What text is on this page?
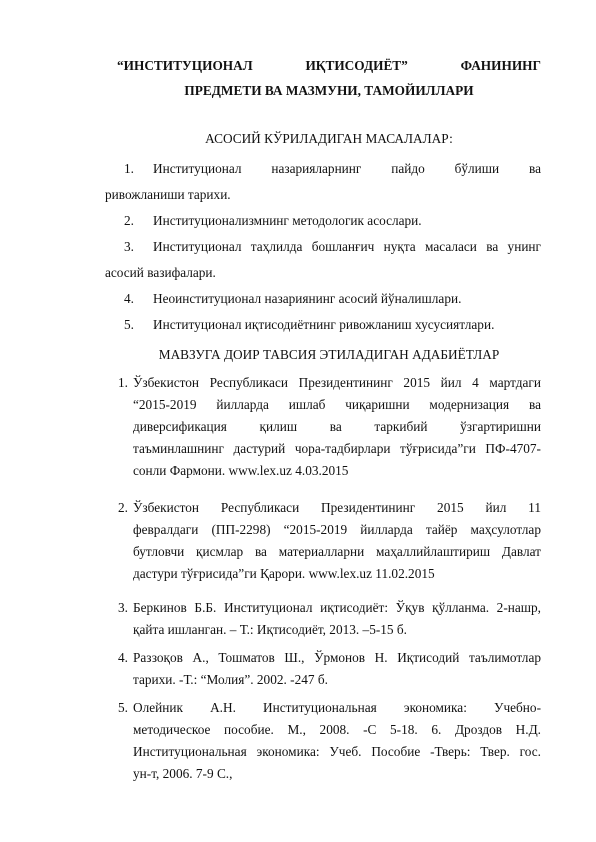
“ИНСТИТУЦИОНАЛ	ИҚТИСОДИЁТ”	ФАНИНИНГ
ПРЕДМЕТИ ВА МАЗМУНИ, ТАМОЙИЛЛАРИ
АСОСИЙ КЎРИЛАДИГАН МАСАЛАЛАР:
1.	Институционал назарияларнинг пайдо бўлиши ва
ривожланиши тарихи.
2.	Институционализмнинг методологик асослари.
3.	Институционал таҳлилда бошланғич нуқта масаласи ва унинг
асосий вазифалари.
4.	Неоинституционал назариянинг асосий йўналишлари.
5.	Институционал иқтисодиётнинг ривожланиш хусусиятлари.
МАВЗУГА ДОИР ТАВСИЯ ЭТИЛАДИГАН АДАБИЁТЛАР
1. Ўзбекистон Республикаси Президентининг 2015 йил 4 мартдаги
“2015-2019 йилларда ишлаб чиқаришни модернизация ва
диверсификация қилиш ва таркибий ўзгартиришни
таъминлашнинг дастурий чора-тадбирлари тўғрисида”ги ПФ-4707-
сонли Фармони. www.lex.uz 4.03.2015
2. Ўзбекистон Республикаси Президентининг 2015 йил 11
февралдаги (ПП-2298) “2015-2019 йилларда тайёр маҳсулотлар
бутловчи қисмлар ва материалларни маҳаллийлаштириш Давлат
дастури тўғрисида”ги Қарори. www.lex.uz 11.02.2015
3. Беркинов Б.Б. Институционал иқтисодиёт: Ўқув қўлланма. 2-нашр,
қайта ишланган. – Т.: Иқтисодиёт, 2013. –5-15 б.
4. Раззоқов А., Тошматов Ш., Ўрмонов Н. Иқтисодий таълимотлар
тарихи. -Т.: “Молия”. 2002. -247 б.
5. Олейник А.Н. Институциональная экономика: Учебно-
методическое пособие. М., 2008. -С 5-18. 6. Дроздов Н.Д.
Институциональная экономика: Учеб. Пособие -Тверь: Твер. гос.
ун-т, 2006. 7-9 С.,
